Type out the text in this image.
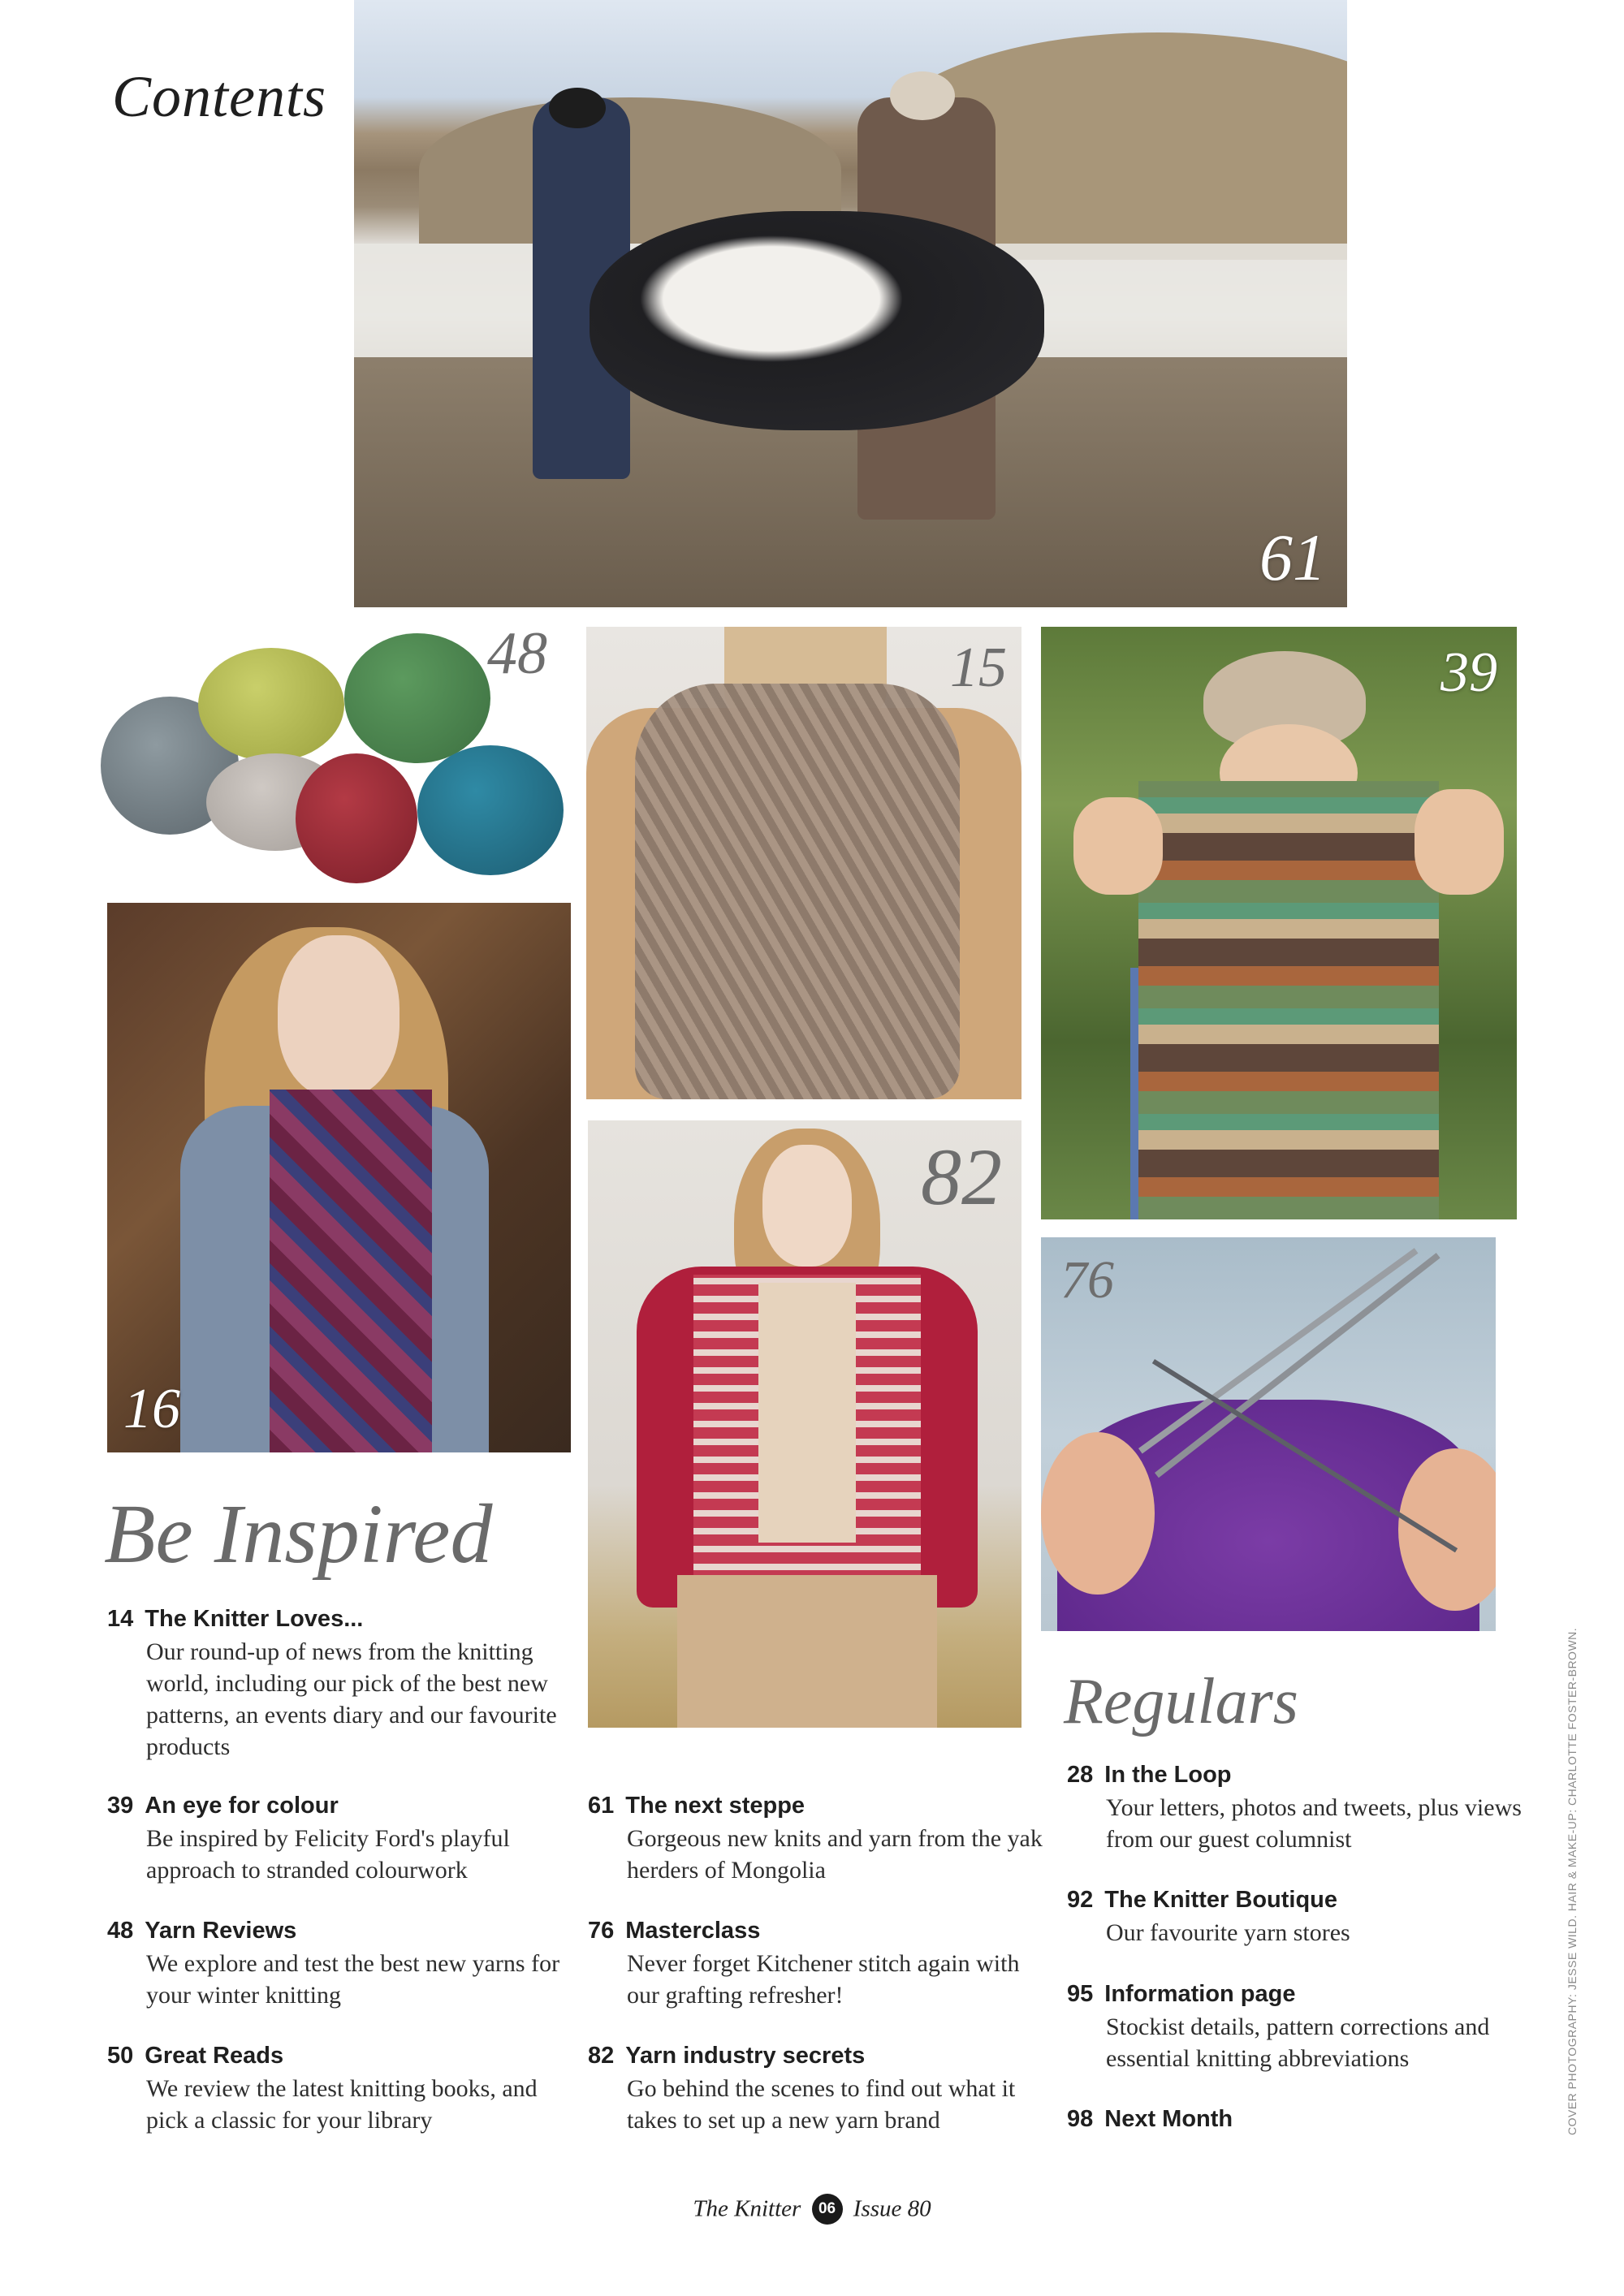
Contents
61
48	15	39
16
82
76
Be Inspired
14 The Knitter Loves...
Our round-up of news from the knitting world, including our pick of the best new patterns, an events diary and our favourite products
39 An eye for colour
Be inspired by Felicity Ford's playful approach to stranded colourwork
48 Yarn Reviews
We explore and test the best new yarns for your winter knitting
50 Great Reads
We review the latest knitting books, and pick a classic for your library
61 The next steppe
Gorgeous new knits and yarn from the yak herders of Mongolia
76 Masterclass
Never forget Kitchener stitch again with our grafting refresher!
82 Yarn industry secrets
Go behind the scenes to find out what it takes to set up a new yarn brand
Regulars
28 In the Loop
Your letters, photos and tweets, plus views from our guest columnist
92 The Knitter Boutique
Our favourite yarn stores
95 Information page
Stockist details, pattern corrections and essential knitting abbreviations
98 Next Month	COVER PHOTOGRAPHY: JESSE WILD. HAIR & MAKE-UP: CHARLOTTE FOSTER-BROWN.
The Knitter 06 Issue 80
